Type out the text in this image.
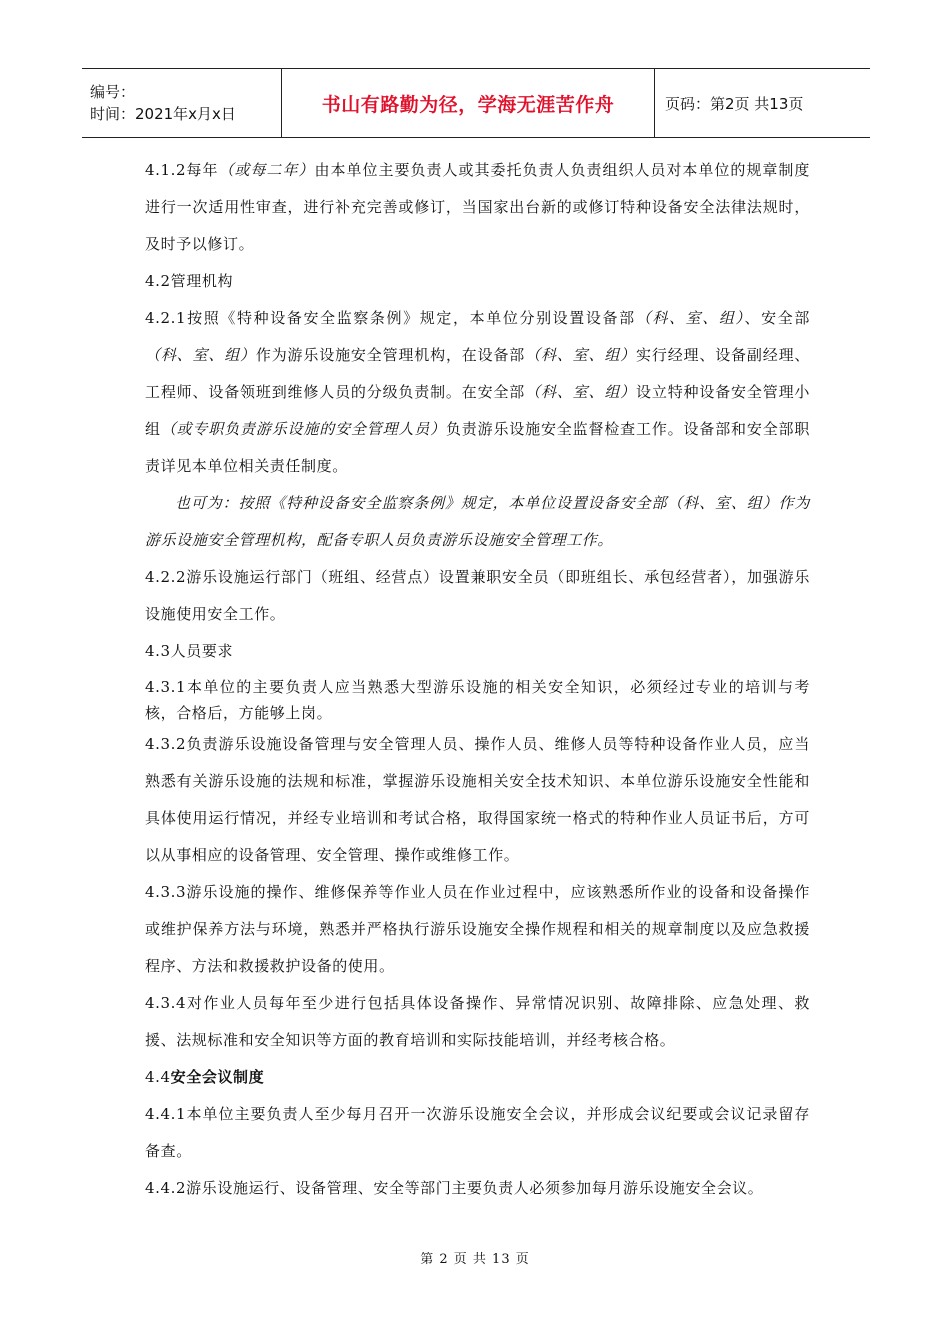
编号：
时间：2021年x月x日	书山有路勤为径，学海无涯苦作舟	页码：第2页 共13页
4.1.2每年（或每二年）由本单位主要负责人或其委托负责人负责组织人员对本单位的规章制度进行一次适用性审查，进行补充完善或修订，当国家出台新的或修订特种设备安全法律法规时，及时予以修订。
4.2管理机构
4.2.1按照《特种设备安全监察条例》规定，本单位分别设置设备部（科、室、组）、安全部（科、室、组）作为游乐设施安全管理机构，在设备部（科、室、组）实行经理、设备副经理、工程师、设备领班到维修人员的分级负责制。在安全部（科、室、组）设立特种设备安全管理小组（或专职负责游乐设施的安全管理人员）负责游乐设施安全监督检查工作。设备部和安全部职责详见本单位相关责任制度。
也可为：按照《特种设备安全监察条例》规定，本单位设置设备安全部（科、室、组）作为游乐设施安全管理机构，配备专职人员负责游乐设施安全管理工作。
4.2.2游乐设施运行部门（班组、经营点）设置兼职安全员（即班组长、承包经营者），加强游乐设施使用安全工作。
4.3人员要求
4.3.1本单位的主要负责人应当熟悉大型游乐设施的相关安全知识，必须经过专业的培训与考核，合格后，方能够上岗。
4.3.2负责游乐设施设备管理与安全管理人员、操作人员、维修人员等特种设备作业人员，应当熟悉有关游乐设施的法规和标准，掌握游乐设施相关安全技术知识、本单位游乐设施安全性能和具体使用运行情况，并经专业培训和考试合格，取得国家统一格式的特种作业人员证书后，方可以从事相应的设备管理、安全管理、操作或维修工作。
4.3.3游乐设施的操作、维修保养等作业人员在作业过程中，应该熟悉所作业的设备和设备操作或维护保养方法与环境，熟悉并严格执行游乐设施安全操作规程和相关的规章制度以及应急救援程序、方法和救援救护设备的使用。
4.3.4对作业人员每年至少进行包括具体设备操作、异常情况识别、故障排除、应急处理、救援、法规标准和安全知识等方面的教育培训和实际技能培训，并经考核合格。
4.4安全会议制度
4.4.1本单位主要负责人至少每月召开一次游乐设施安全会议，并形成会议纪要或会议记录留存备查。
4.4.2游乐设施运行、设备管理、安全等部门主要负责人必须参加每月游乐设施安全会议。
第 2 页 共 13 页
